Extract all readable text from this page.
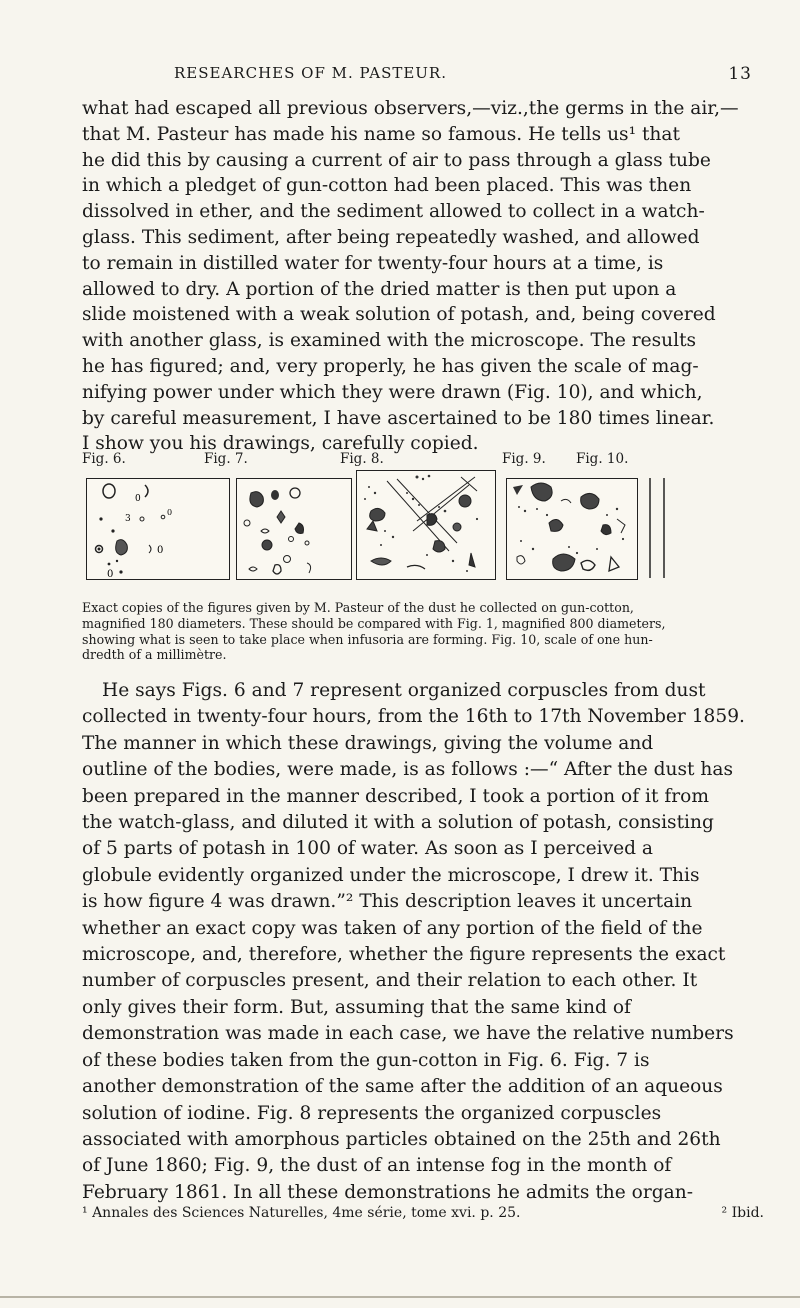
RESEARCHES OF M. PASTEUR.	13

what had escaped all previous observers,—viz.,the germs in the air,—
that M. Pasteur has made his name so famous. He tells us¹ that
he did this by causing a current of air to pass through a glass tube
in which a pledget of gun-cotton had been placed. This was then
dissolved in ether, and the sediment allowed to collect in a watch-
glass. This sediment, after being repeatedly washed, and allowed
to remain in distilled water for twenty-four hours at a time, is
allowed to dry. A portion of the dried matter is then put upon a
slide moistened with a weak solution of potash, and, being covered
with another glass, is examined with the microscope. The results
he has figured; and, very properly, he has given the scale of mag-
nifying power under which they were drawn (Fig. 10), and which,
by careful measurement, I have ascertained to be 180 times linear.
I show you his drawings, carefully copied.

Fig. 6.	Fig. 7.	Fig. 8.	Fig. 9. Fig. 10.
0
3
0
0
0

Exact copies of the figures given by M. Pasteur of the dust he collected on gun-cotton,
magnified 180 diameters. These should be compared with Fig. 1, magnified 800 diameters,
showing what is seen to take place when infusoria are forming. Fig. 10, scale of one hun-
dredth of a millimètre.

He says Figs. 6 and 7 represent organized corpuscles from dust
collected in twenty-four hours, from the 16th to 17th November 1859.
The manner in which these drawings, giving the volume and
outline of the bodies, were made, is as follows :—“ After the dust has
been prepared in the manner described, I took a portion of it from
the watch-glass, and diluted it with a solution of potash, consisting
of 5 parts of potash in 100 of water. As soon as I perceived a
globule evidently organized under the microscope, I drew it. This
is how figure 4 was drawn.”² This description leaves it uncertain
whether an exact copy was taken of any portion of the field of the
microscope, and, therefore, whether the figure represents the exact
number of corpuscles present, and their relation to each other. It
only gives their form. But, assuming that the same kind of
demonstration was made in each case, we have the relative numbers
of these bodies taken from the gun-cotton in Fig. 6. Fig. 7 is
another demonstration of the same after the addition of an aqueous
solution of iodine. Fig. 8 represents the organized corpuscles
associated with amorphous particles obtained on the 25th and 26th
of June 1860; Fig. 9, the dust of an intense fog in the month of
February 1861. In all these demonstrations he admits the organ-

¹ Annales des Sciences Naturelles, 4me série, tome xvi. p. 25.	² Ibid.
